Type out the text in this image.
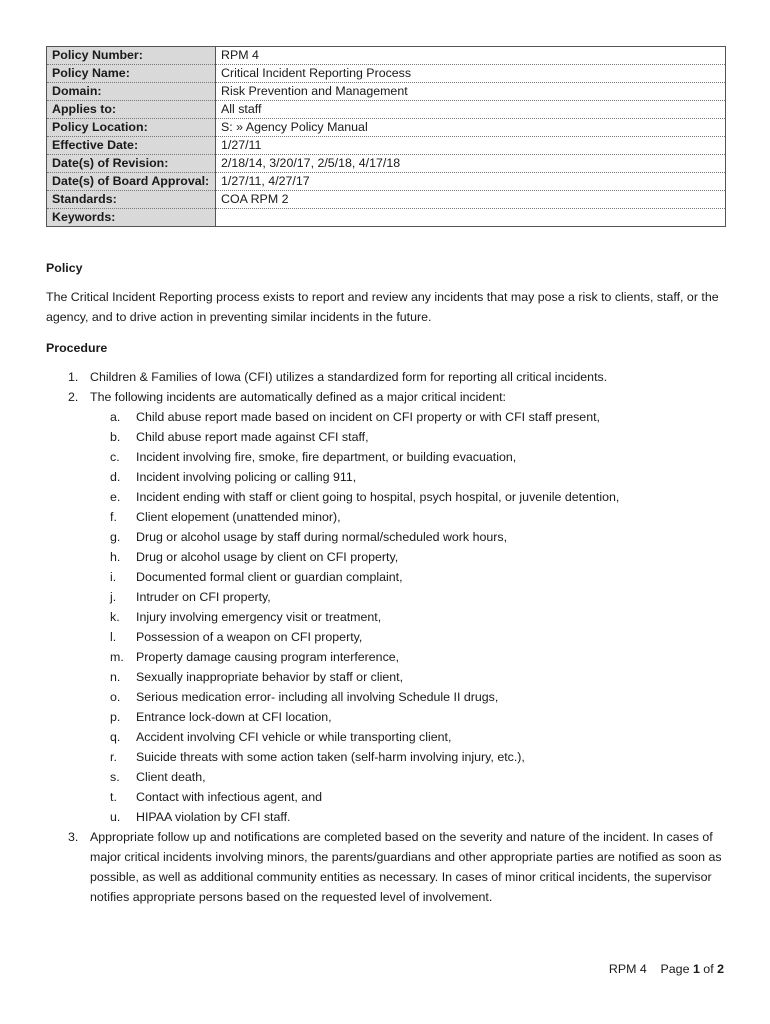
Policy Number:	RPM 4
Policy Name:	Critical Incident Reporting Process
Domain:	Risk Prevention and Management
Applies to:	All staff
Policy Location:	S: » Agency Policy Manual
Effective Date:	1/27/11
Date(s) of Revision:	2/18/14, 3/20/17, 2/5/18, 4/17/18
Date(s) of Board Approval:	1/27/11, 4/27/17
Standards:	COA RPM 2
Keywords:	
Policy

The Critical Incident Reporting process exists to report and review any incidents that may pose a risk to clients, staff, or the agency, and to drive action in preventing similar incidents in the future.

Procedure
1. Children & Families of Iowa (CFI) utilizes a standardized form for reporting all critical incidents.
2. The following incidents are automatically defined as a major critical incident:
a.	Child abuse report made based on incident on CFI property or with CFI staff present,
b.	Child abuse report made against CFI staff,
c.	Incident involving fire, smoke, fire department, or building evacuation,
d.	Incident involving policing or calling 911,
e.	Incident ending with staff or client going to hospital, psych hospital, or juvenile detention,
f.	Client elopement (unattended minor),
g.	Drug or alcohol usage by staff during normal/scheduled work hours,
h.	Drug or alcohol usage by client on CFI property,
i.	Documented formal client or guardian complaint,
j.	Intruder on CFI property,
k.	Injury involving emergency visit or treatment,
l.	Possession of a weapon on CFI property,
m. Property damage causing program interference,
n.	Sexually inappropriate behavior by staff or client,
o.	Serious medication error- including all involving Schedule II drugs,
p.	Entrance lock-down at CFI location,
q.	Accident involving CFI vehicle or while transporting client,
r.	Suicide threats with some action taken (self-harm involving injury, etc.),
s.	Client death,
t.	Contact with infectious agent, and
u.	HIPAA violation by CFI staff.
3. Appropriate follow up and notifications are completed based on the severity and nature of the incident. In cases of major critical incidents involving minors, the parents/guardians and other appropriate parties are notified as soon as possible, as well as additional community entities as necessary. In cases of minor critical incidents, the supervisor notifies appropriate persons based on the requested level of involvement.
RPM 4 Page 1 of 2
